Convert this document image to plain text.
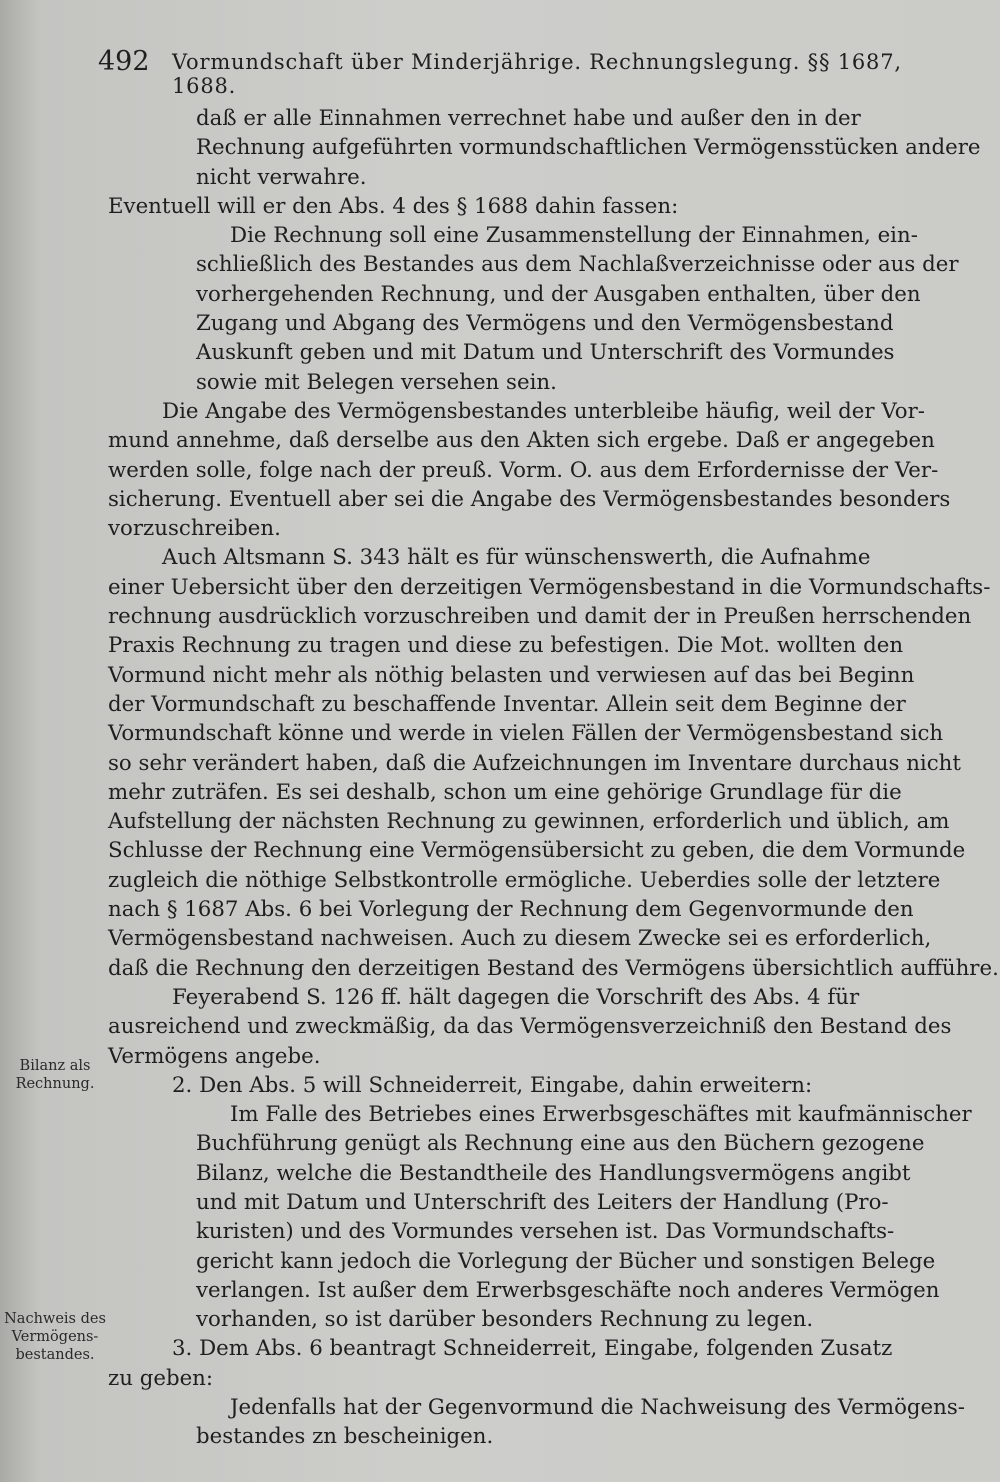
492 Vormundschaft über Minderjährige. Rechnungslegung. §§ 1687, 1688.
Bilanz als
Rechnung.
Nachweis des
Vermögens-
bestandes.
daß er alle Einnahmen verrechnet habe und außer den in der
Rechnung aufgeführten vormundschaftlichen Vermögensstücken andere
nicht verwahre.
Eventuell will er den Abs. 4 des § 1688 dahin fassen:
Die Rechnung soll eine Zusammenstellung der Einnahmen, ein-
schließlich des Bestandes aus dem Nachlaßverzeichnisse oder aus der
vorhergehenden Rechnung, und der Ausgaben enthalten, über den
Zugang und Abgang des Vermögens und den Vermögensbestand
Auskunft geben und mit Datum und Unterschrift des Vormundes
sowie mit Belegen versehen sein.
Die Angabe des Vermögensbestandes unterbleibe häufig, weil der Vor-
mund annehme, daß derselbe aus den Akten sich ergebe. Daß er angegeben
werden solle, folge nach der preuß. Vorm. O. aus dem Erfordernisse der Ver-
sicherung. Eventuell aber sei die Angabe des Vermögensbestandes besonders
vorzuschreiben.
Auch Altsmann S. 343 hält es für wünschenswerth, die Aufnahme
einer Uebersicht über den derzeitigen Vermögensbestand in die Vormundschafts-
rechnung ausdrücklich vorzuschreiben und damit der in Preußen herrschenden
Praxis Rechnung zu tragen und diese zu befestigen. Die Mot. wollten den
Vormund nicht mehr als nöthig belasten und verwiesen auf das bei Beginn
der Vormundschaft zu beschaffende Inventar. Allein seit dem Beginne der
Vormundschaft könne und werde in vielen Fällen der Vermögensbestand sich
so sehr verändert haben, daß die Aufzeichnungen im Inventare durchaus nicht
mehr zuträfen. Es sei deshalb, schon um eine gehörige Grundlage für die
Aufstellung der nächsten Rechnung zu gewinnen, erforderlich und üblich, am
Schlusse der Rechnung eine Vermögensübersicht zu geben, die dem Vormunde
zugleich die nöthige Selbstkontrolle ermögliche. Ueberdies solle der letztere
nach § 1687 Abs. 6 bei Vorlegung der Rechnung dem Gegenvormunde den
Vermögensbestand nachweisen. Auch zu diesem Zwecke sei es erforderlich,
daß die Rechnung den derzeitigen Bestand des Vermögens übersichtlich aufführe.
Feyerabend S. 126 ff. hält dagegen die Vorschrift des Abs. 4 für
ausreichend und zweckmäßig, da das Vermögensverzeichniß den Bestand des
Vermögens angebe.
2. Den Abs. 5 will Schneiderreit, Eingabe, dahin erweitern:
Im Falle des Betriebes eines Erwerbsgeschäftes mit kaufmännischer
Buchführung genügt als Rechnung eine aus den Büchern gezogene
Bilanz, welche die Bestandtheile des Handlungsvermögens angibt
und mit Datum und Unterschrift des Leiters der Handlung (Pro-
kuristen) und des Vormundes versehen ist. Das Vormundschafts-
gericht kann jedoch die Vorlegung der Bücher und sonstigen Belege
verlangen. Ist außer dem Erwerbsgeschäfte noch anderes Vermögen
vorhanden, so ist darüber besonders Rechnung zu legen.
3. Dem Abs. 6 beantragt Schneiderreit, Eingabe, folgenden Zusatz
zu geben:
Jedenfalls hat der Gegenvormund die Nachweisung des Vermögens-
bestandes zn bescheinigen.
